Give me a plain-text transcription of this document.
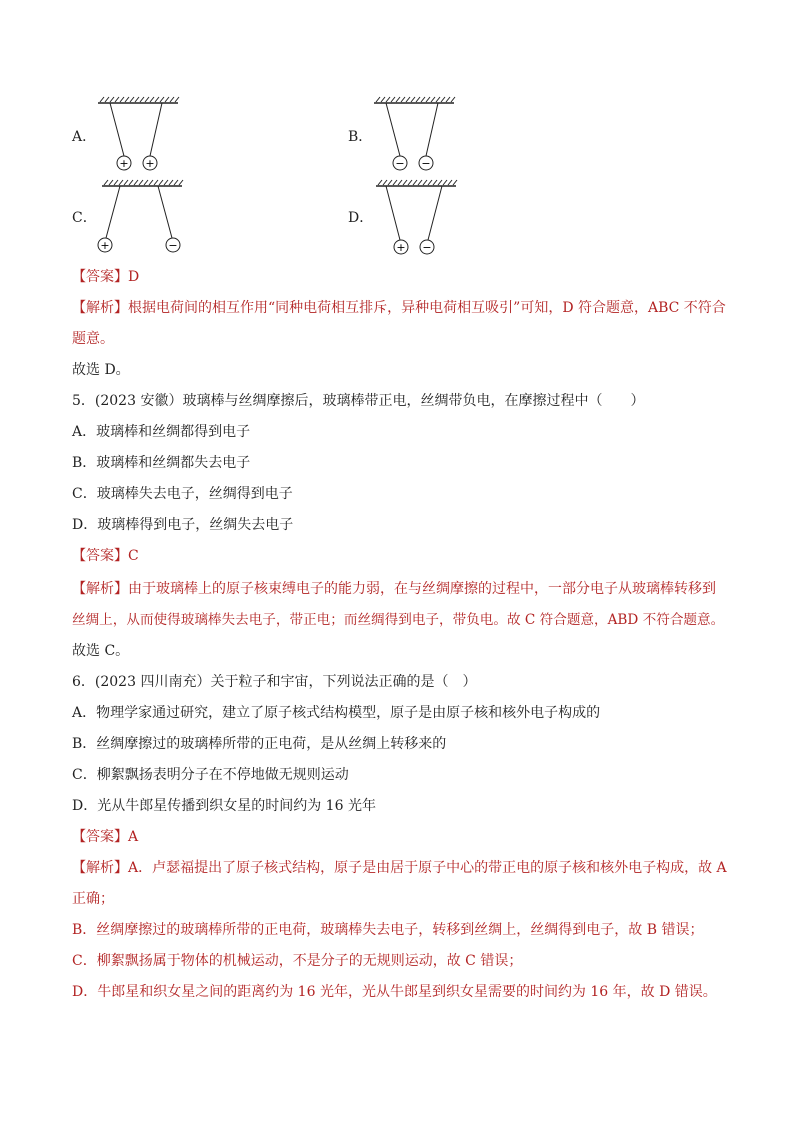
A．
+ +
B．
− −
C．
+	−
D．
+ −
【答案】D
【解析】根据电荷间的相互作用“同种电荷相互排斥，异种电荷相互吸引”可知，D 符合题意，ABC 不符合
题意。
故选 D。
5．(2023 安徽）玻璃棒与丝绸摩擦后，玻璃棒带正电，丝绸带负电，在摩擦过程中（　　）
A．玻璃棒和丝绸都得到电子
B．玻璃棒和丝绸都失去电子
C．玻璃棒失去电子，丝绸得到电子
D．玻璃棒得到电子，丝绸失去电子
【答案】C
【解析】由于玻璃棒上的原子核束缚电子的能力弱，在与丝绸摩擦的过程中，一部分电子从玻璃棒转移到
丝绸上，从而使得玻璃棒失去电子，带正电；而丝绸得到电子，带负电。故 C 符合题意，ABD 不符合题意。
故选 C。
6．(2023 四川南充）关于粒子和宇宙，下列说法正确的是（　）
A．物理学家通过研究，建立了原子核式结构模型，原子是由原子核和核外电子构成的
B．丝绸摩擦过的玻璃棒所带的正电荷，是从丝绸上转移来的
C．柳絮飘扬表明分子在不停地做无规则运动
D．光从牛郎星传播到织女星的时间约为 16 光年
【答案】A
【解析】A．卢瑟福提出了原子核式结构，原子是由居于原子中心的带正电的原子核和核外电子构成，故 A
正确；
B．丝绸摩擦过的玻璃棒所带的正电荷，玻璃棒失去电子，转移到丝绸上，丝绸得到电子，故 B 错误；
C．柳絮飘扬属于物体的机械运动，不是分子的无规则运动，故 C 错误；
D．牛郎星和织女星之间的距离约为 16 光年，光从牛郎星到织女星需要的时间约为 16 年，故 D 错误。
